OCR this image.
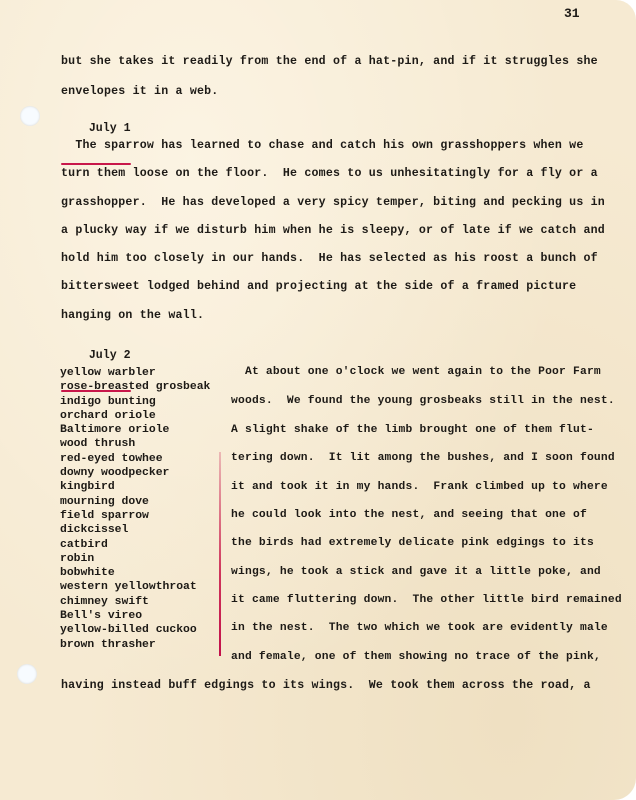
31
but she takes it readily from the end of a hat-pin, and if it struggles she
envelopes it in a web.

July 1

The sparrow has learned to chase and catch his own grasshoppers when we
turn them loose on the floor.  He comes to us unhesitatingly for a fly or a
grasshopper.  He has developed a very spicy temper, biting and pecking us in
a plucky way if we disturb him when he is sleepy, or of late if we catch and
hold him too closely in our hands.  He has selected as his roost a bunch of
bittersweet lodged behind and projecting at the side of a framed picture
hanging on the wall.

July 2

yellow warbler
rose-breasted grosbeak
indigo bunting
orchard oriole
Baltimore oriole
wood thrush
red-eyed towhee
downy woodpecker
kingbird
mourning dove
field sparrow
dickcissel
catbird
robin
bobwhite
western yellowthroat
chimney swift
Bell's vireo
yellow-billed cuckoo
brown thrasher
At about one o'clock we went again to the Poor Farm
woods.  We found the young grosbeaks still in the nest.
A slight shake of the limb brought one of them flut-
tering down.  It lit among the bushes, and I soon found
it and took it in my hands.  Frank climbed up to where
he could look into the nest, and seeing that one of
the birds had extremely delicate pink edgings to its
wings, he took a stick and gave it a little poke, and
it came fluttering down.  The other little bird remained
in the nest.  The two which we took are evidently male
and female, one of them showing no trace of the pink,
having instead buff edgings to its wings.  We took them across the road, a
